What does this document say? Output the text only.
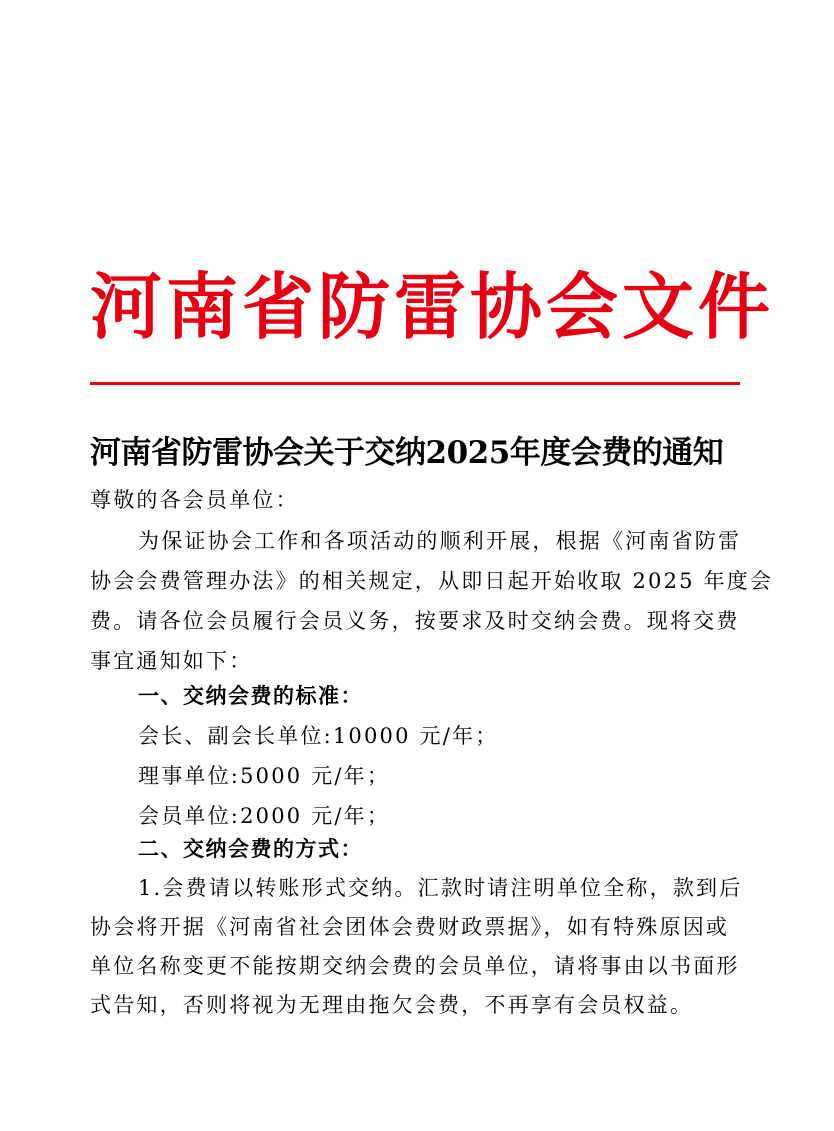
河南省防雷协会文件
河南省防雷协会关于交纳2025年度会费的通知
尊敬的各会员单位：
为保证协会工作和各项活动的顺利开展，根据《河南省防雷
协会会费管理办法》的相关规定，从即日起开始收取 2025 年度会
费。请各位会员履行会员义务，按要求及时交纳会费。现将交费
事宜通知如下：
一、交纳会费的标准：
会长、副会长单位:10000 元/年；
理事单位:5000 元/年；
会员单位:2000 元/年；
二、交纳会费的方式：
1.会费请以转账形式交纳。汇款时请注明单位全称，款到后
协会将开据《河南省社会团体会费财政票据》，如有特殊原因或
单位名称变更不能按期交纳会费的会员单位，请将事由以书面形
式告知，否则将视为无理由拖欠会费，不再享有会员权益。
